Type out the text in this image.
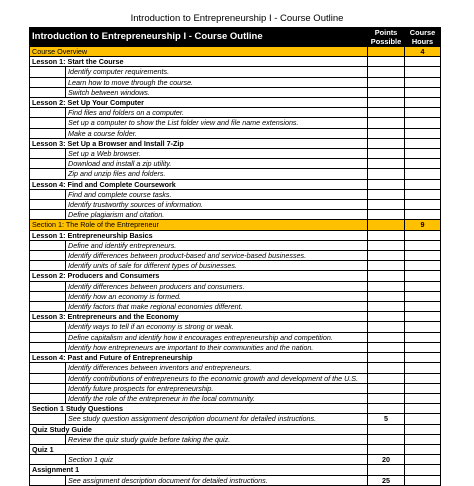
Introduction to Entrepreneurship I - Course Outline
Introduction to Entrepreneurship I - Course Outline		Points Possible	Course Hours
Course Overview			4
Lesson 1: Start the Course			
	Identify computer requirements.		
	Learn how to move through the course.		
	Switch between windows.		
Lesson 2: Set Up Your Computer			
	Find files and folders on a computer.		
	Set up a computer to show the List folder view and file name extensions.		
	Make a course folder.		
Lesson 3: Set Up a Browser and Install 7-Zip			
	Set up a Web browser.		
	Download and install a zip utility.		
	Zip and unzip files and folders.		
Lesson 4: Find and Complete Coursework			
	Find and complete course tasks.		
	Identify trustworthy sources of information.		
	Define plagiarism and citation.		
Section 1: The Role of the Entrepreneur			9
Lesson 1: Entrepreneurship Basics			
	Define and identify entrepreneurs.		
	Identify differences between product-based and service-based businesses.		
	Identify units of sale for different types of businesses.		
Lesson 2: Producers and Consumers			
	Identify differences between producers and consumers.		
	Identify how an economy is formed.		
	Identify factors that make regional economies different.		
Lesson 3: Entrepreneurs and the Economy			
	Identify ways to tell if an economy is strong or weak.		
	Define capitalism and identify how it encourages entrepreneurship and competition.		
	Identify how entrepreneurs are important to their communities and the nation.		
Lesson 4: Past and Future of Entrepreneurship			
	Identify differences between inventors and entrepreneurs.		
	Identify contributions of entrepreneurs to the economic growth and development of the U.S.		
	Identify future prospects for entrepreneurship.		
	Identify the role of the entrepreneur in the local community.		
Section 1 Study Questions			
	See study question assignment description document for detailed instructions.	5	
Quiz Study Guide			
	Review the quiz study guide before taking the quiz.		
Quiz 1			
	Section 1 quiz	20	
Assignment 1			
	See assignment description document for detailed instructions.	25	
